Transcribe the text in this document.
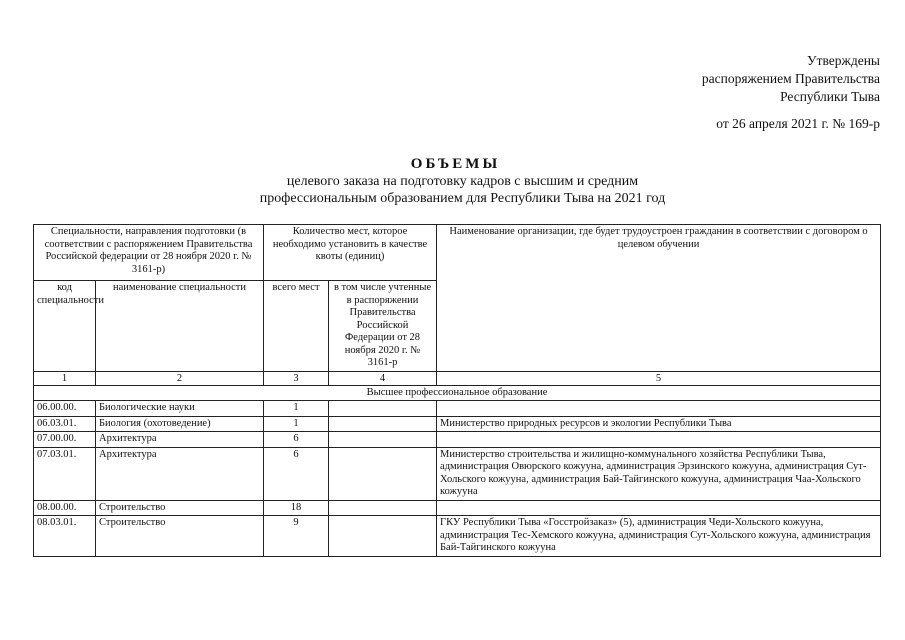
Утверждены
распоряжением Правительства
Республики Тыва
от 26 апреля 2021 г. № 169-р
ОБЪЕМЫ
целевого заказа на подготовку кадров с высшим и средним
профессиональным образованием для Республики Тыва на 2021 год
Специальности, направления подготовки (в соответствии с распоряжением Правительства Российской федерации от 28 ноября 2020 г. № 3161-р)		Количество мест, которое необходимо установить в качестве квоты (единиц)		Наименование организации, где будет трудоустроен гражданин в соответствии с договором о целевом обучении
код специальности	наименование специальности	всего мест	в том числе учтенные в распоряжении Правительства Российской Федерации от 28 ноября 2020 г. № 3161-р	
1	2	3	4	5
Высшее профессиональное образование				
06.00.00.	Биологические науки	1		
06.03.01.	Биология (охотоведение)	1		Министерство природных ресурсов и экологии Республики Тыва
07.00.00.	Архитектура	6		
07.03.01.	Архитектура	6		Министерство строительства и жилищно-коммунального хозяйства Республики Тыва, администрация Овюрского кожууна, администрация Эрзинского кожууна, администрация Сут-Хольского кожууна, администрация Бай-Тайгинского кожууна, администрация Чаа-Хольского кожууна
08.00.00.	Строительство	18		
08.03.01.	Строительство	9		ГКУ Республики Тыва «Госстройзаказ» (5), администрация Чеди-Хольского кожууна, администрация Тес-Хемского кожууна, администрация Сут-Хольского кожууна, администрация Бай-Тайгинского кожууна
